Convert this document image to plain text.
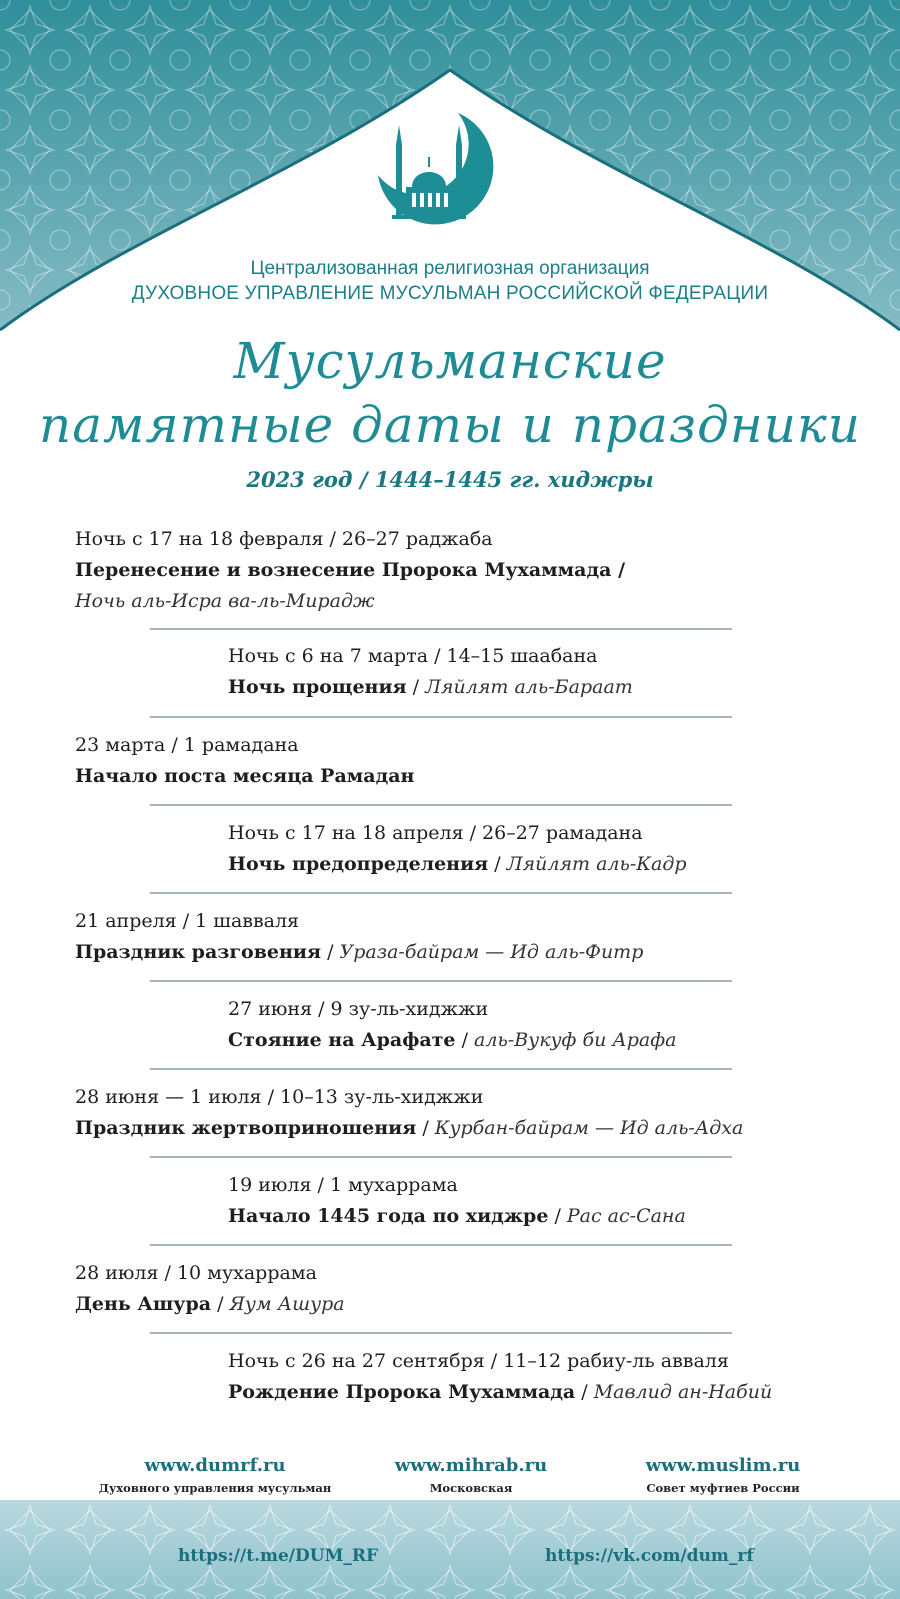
Централизованная религиозная организация
ДУХОВНОЕ УПРАВЛЕНИЕ МУСУЛЬМАН РОССИЙСКОЙ ФЕДЕРАЦИИ
Мусульманские
памятные даты и праздники
2023 год / 1444–1445 гг. хиджры
Ночь с 17 на 18 февраля / 26–27 раджаба
Перенесение и вознесение Пророка Мухаммада /
Ночь аль-Исра ва-ль-Мирадж
Ночь с 6 на 7 марта / 14–15 шаабана
Ночь прощения / Ляйлят аль-Бараат
23 марта / 1 рамадана
Начало поста месяца Рамадан
Ночь с 17 на 18 апреля / 26–27 рамадана
Ночь предопределения / Ляйлят аль-Кадр
21 апреля / 1 шавваля
Праздник разговения / Ураза-байрам — Ид аль-Фитр
27 июня / 9 зу-ль-хиджжи
Стояние на Арафате / аль-Вукуф би Арафа
28 июня — 1 июля / 10–13 зу-ль-хиджжи
Праздник жертвоприношения / Курбан-байрам — Ид аль-Адха
19 июля / 1 мухаррама
Начало 1445 года по хиджре / Рас ас-Сана
28 июля / 10 мухаррама
День Ашура / Яум Ашура
Ночь с 26 на 27 сентября / 11–12 рабиу-ль авваля
Рождение Пророка Мухаммада / Мавлид ан-Набий
www.dumrf.ru
Духовного управления мусульман

www.mihrab.ru
Московская

www.muslim.ru
Совет муфтиев России
https://t.me/DUM_RF	https://vk.com/dum_rf
